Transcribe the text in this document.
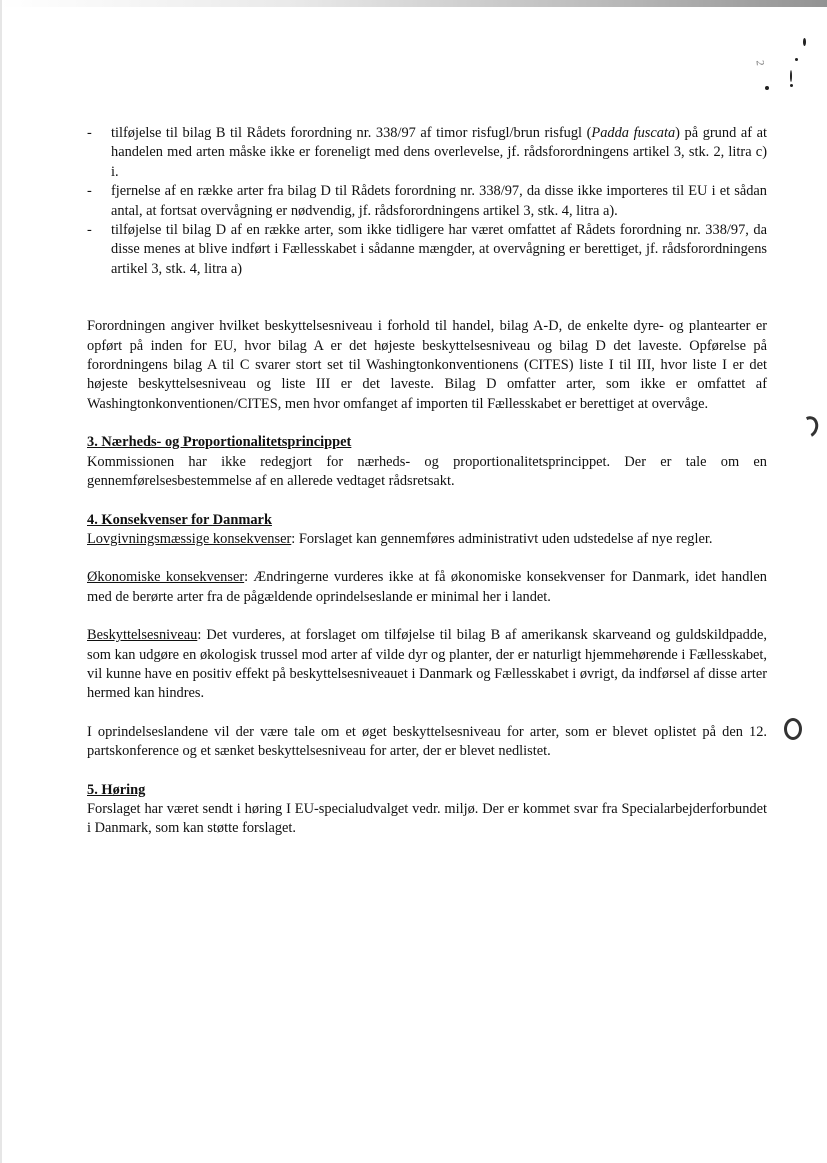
2
- tilføjelse til bilag B til Rådets forordning nr. 338/97 af timor risfugl/brun risfugl (Padda fuscata) på grund af at handelen med arten måske ikke er foreneligt med dens overlevelse, jf. rådsforordningens artikel 3, stk. 2, litra c) i.
- fjernelse af en række arter fra bilag D til Rådets forordning nr. 338/97, da disse ikke importeres til EU i et sådan antal, at fortsat overvågning er nødvendig, jf. rådsforordningens artikel 3, stk. 4, litra a).
- tilføjelse til bilag D af en række arter, som ikke tidligere har været omfattet af Rådets forordning nr. 338/97, da disse menes at blive indført i Fællesskabet i sådanne mængder, at overvågning er berettiget, jf. rådsforordningens artikel 3, stk. 4, litra a)

Forordningen angiver hvilket beskyttelsesniveau i forhold til handel, bilag A-D, de enkelte dyre- og plantearter er opført på inden for EU, hvor bilag A er det højeste beskyttelsesniveau og bilag D det laveste. Opførelse på forordningens bilag A til C svarer stort set til Washingtonkonventionens (CITES) liste I til III, hvor liste I er det højeste beskyttelsesniveau og liste III er det laveste. Bilag D omfatter arter, som ikke er omfattet af Washingtonkonventionen/CITES, men hvor omfanget af importen til Fællesskabet er berettiget at overvåge.

3. Nærheds- og Proportionalitetsprincippet

Kommissionen har ikke redegjort for nærheds- og proportionalitetsprincippet. Der er tale om en gennemførelsesbestemmelse af en allerede vedtaget rådsretsakt.

4. Konsekvenser for Danmark

Lovgivningsmæssige konsekvenser: Forslaget kan gennemføres administrativt uden udstedelse af nye regler.

Økonomiske konsekvenser: Ændringerne vurderes ikke at få økonomiske konsekvenser for Danmark, idet handlen med de berørte arter fra de pågældende oprindelseslande er minimal her i landet.

Beskyttelsesniveau: Det vurderes, at forslaget om tilføjelse til bilag B af amerikansk skarveand og guldskildpadde, som kan udgøre en økologisk trussel mod arter af vilde dyr og planter, der er naturligt hjemmehørende i Fællesskabet, vil kunne have en positiv effekt på beskyttelsesniveauet i Danmark og Fællesskabet i øvrigt, da indførsel af disse arter hermed kan hindres.

I oprindelseslandene vil der være tale om et øget beskyttelsesniveau for arter, som er blevet oplistet på den 12. partskonference og et sænket beskyttelsesniveau for arter, der er blevet nedlistet.

5. Høring

Forslaget har været sendt i høring I EU-specialudvalget vedr. miljø. Der er kommet svar fra Specialarbejderforbundet i Danmark, som kan støtte forslaget.
